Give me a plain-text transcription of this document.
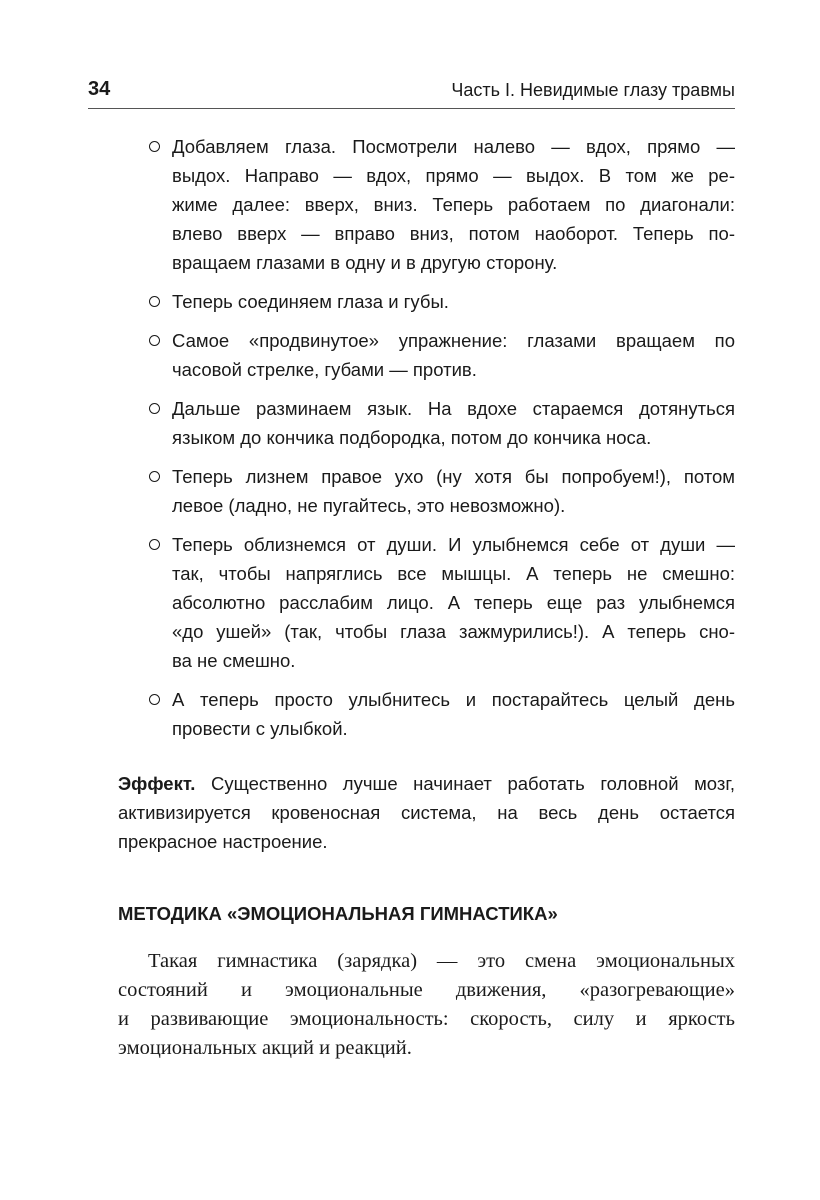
34	Часть I. Невидимые глазу травмы
Добавляем глаза. Посмотрели налево — вдох, прямо —
выдох. Направо — вдох, прямо — выдох. В том же ре-
жиме далее: вверх, вниз. Теперь работаем по диагонали:
влево вверх — вправо вниз, потом наоборот. Теперь по-
вращаем глазами в одну и в другую сторону.
Теперь соединяем глаза и губы.
Самое «продвинутое» упражнение: глазами вращаем по
часовой стрелке, губами — против.
Дальше разминаем язык. На вдохе стараемся дотянуться
языком до кончика подбородка, потом до кончика носа.
Теперь лизнем правое ухо (ну хотя бы попробуем!), потом
левое (ладно, не пугайтесь, это невозможно).
Теперь облизнемся от души. И улыбнемся себе от души —
так, чтобы напряглись все мышцы. А теперь не смешно:
абсолютно расслабим лицо. А теперь еще раз улыбнемся
«до ушей» (так, чтобы глаза зажмурились!). А теперь сно-
ва не смешно.
А теперь просто улыбнитесь и постарайтесь целый день
провести с улыбкой.
Эффект. Существенно лучше начинает работать головной мозг,
активизируется кровеносная система, на весь день остается
прекрасное настроение.
МЕТОДИКА «ЭМОЦИОНАЛЬНАЯ ГИМНАСТИКА»
Такая гимнастика (зарядка) — это смена эмоциональных
состояний и эмоциональные движения, «разогревающие»
и развивающие эмоциональность: скорость, силу и яркость
эмоциональных акций и реакций.
